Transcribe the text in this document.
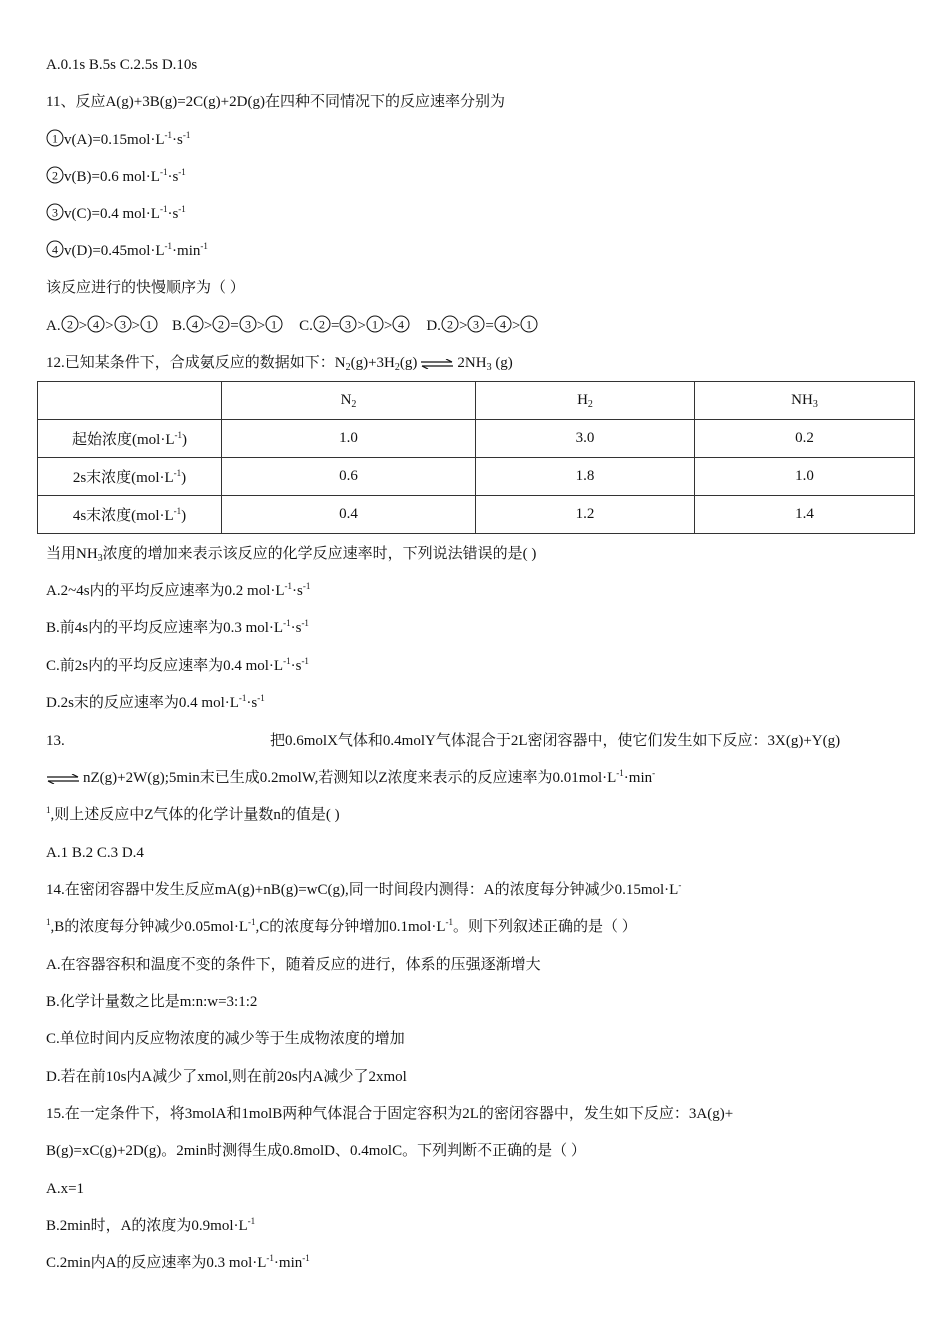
A.0.1s B.5s C.2.5s D.10s
11、反应A(g)+3B(g)=2C(g)+2D(g)在四种不同情况下的反应速率分别为
1 $v(A)=0.15mol\cdot L^{-1}\cdot s^{-1}$
2 v(B)=0.6 $mol\cdot L^{-1}\cdot s^{-1}$
3 v(C)=0.4 $mol\cdot L^{-1}\cdot s^{-1}$
4 $v(D)=0.45mol\cdot L^{-1}\cdot\min^{-1}$
该反应进行的快慢顺序为（ ）
A. 2 > 4 > 3 > 1 B. 4 > 2 = 3 > 1 C. 2 = 3 > 1 > 4 D. 2 > 3 = 4 > 1
12.已知某条件下，合成氨反应的数据如下：$N_2(g)+3H_2(g)$ ⇌ $2NH_3$ (g)
	$N_2$	$H_2$	$NH_3$
起始浓度$(mol\cdot L^{-1})$	1.0	3.0	0.2
2s末浓度$(mol\cdot L^{-1})$	0.6	1.8	1.0
4s末浓度$(mol\cdot L^{-1})$	0.4	1.2	1.4
当用$NH_3$浓度的增加来表示该反应的化学反应速率时，下列说法错误的是( )
A.2~4s内的平均反应速率为0.2 $mol\cdot L^{-1}\cdot s^{-1}$
B.前4s内的平均反应速率为0.3 $mol\cdot L^{-1}\cdot s^{-1}$
C.前2s内的平均反应速率为0.4 $mol\cdot L^{-1}\cdot s^{-1}$
D.2s末的反应速率为0.4 $mol\cdot L^{-1}\cdot s^{-1}$
13.	把0.6molX气体和0.4molY气体混合于2L密闭容器中，使它们发生如下反应：3X(g)+Y(g)
⇌ nZ(g)+2W(g);5min末已生成0.2molW,若测知以Z浓度来表示的反应速率为$0.01mol\cdot L^{-1}\cdot\min^-$
$^1$,则上述反应中Z气体的化学计量数n的值是( )
A.1 B.2 C.3 D.4
14.在密闭容器中发生反应mA(g)+nB(g)=wC(g),同一时间段内测得：A的浓度每分钟减少0.15mol·L-
$^1$,B的浓度每分钟减少$0.05mol\cdot L^{-1},C$的浓度每分钟增加$0.1mol\cdot L^{-1}$。则下列叙述正确的是（ ）
A.在容器容积和温度不变的条件下，随着反应的进行，体系的压强逐渐增大
B.化学计量数之比是m:n:w=3:1:2
C.单位时间内反应物浓度的减少等于生成物浓度的增加
D.若在前10s内A减少了xmol,则在前20s内A减少了2xmol
15.在一定条件下，将3molA和1molB两种气体混合于固定容积为2L的密闭容器中，发生如下反应：3A(g)+
B(g)=xC(g)+2D(g)。2min时测得生成0.8molD、0.4molC。下列判断不正确的是（ ）
A.x=1
B.2min时，A的浓度为$0.9mol\cdot L^{-1}$
C.2min内A的反应速率为0.3 $mol\cdot L^{-1}\cdot\min^{-1}$
